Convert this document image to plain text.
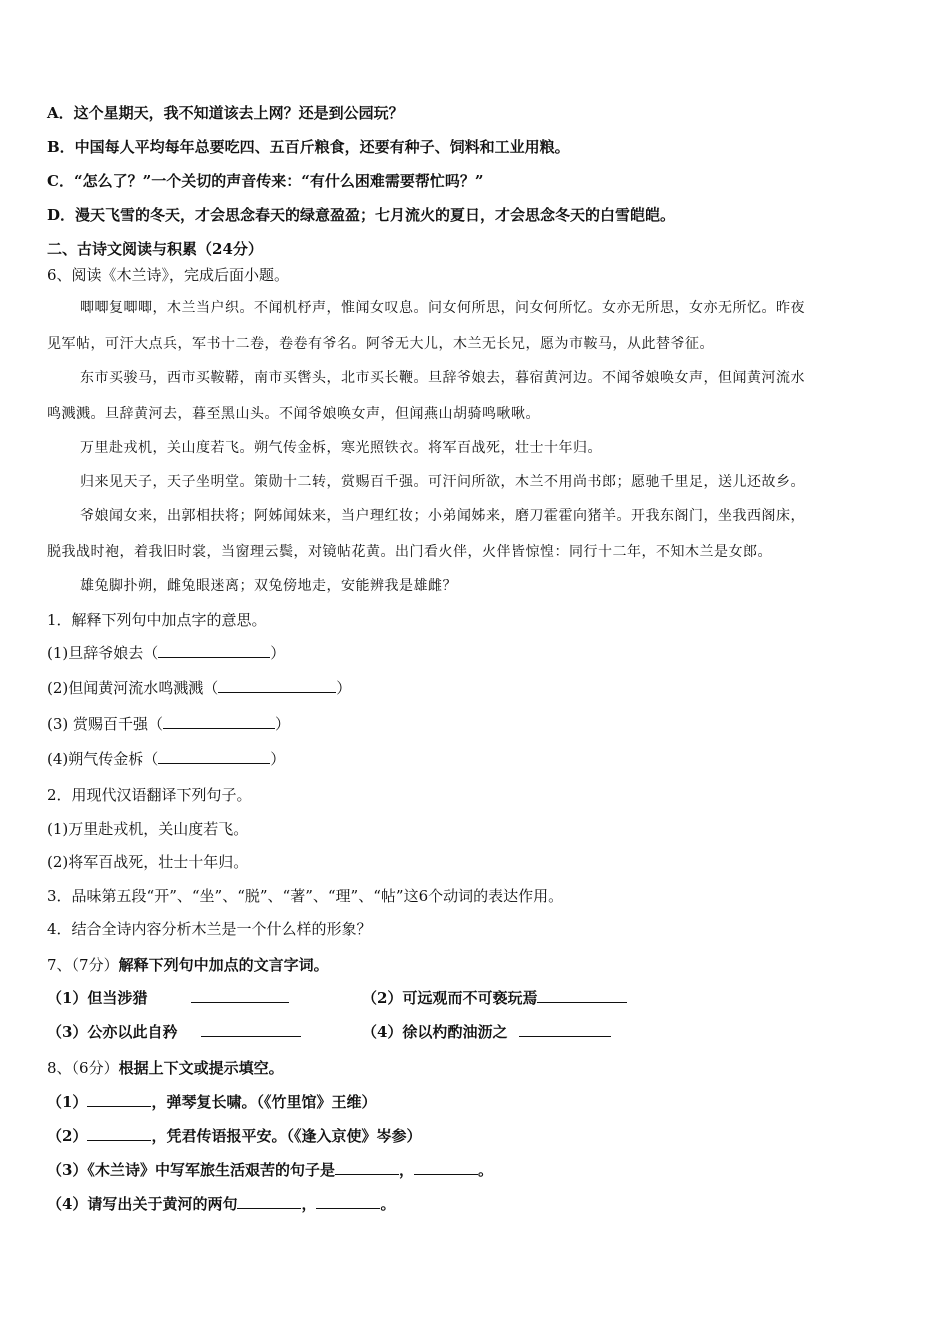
A．这个星期天，我不知道该去上网？还是到公园玩？
B．中国每人平均每年总要吃四、五百斤粮食，还要有种子、饲料和工业用粮。
C．“怎么了？”一个关切的声音传来：“有什么困难需要帮忙吗？”
D．漫天飞雪的冬天，才会思念春天的绿意盈盈；七月流火的夏日，才会思念冬天的白雪皑皑。
二、古诗文阅读与积累（24分）
6、阅读《木兰诗》，完成后面小题。
唧唧复唧唧，木兰当户织。不闻机杼声，惟闻女叹息。问女何所思，问女何所忆。女亦无所思，女亦无所忆。昨夜
见军帖，可汗大点兵，军书十二卷，卷卷有爷名。阿爷无大儿，木兰无长兄，愿为市鞍马，从此替爷征。
东市买骏马，西市买鞍鞯，南市买辔头，北市买长鞭。旦辞爷娘去，暮宿黄河边。不闻爷娘唤女声，但闻黄河流水
鸣溅溅。旦辞黄河去，暮至黑山头。不闻爷娘唤女声，但闻燕山胡骑鸣啾啾。
万里赴戎机，关山度若飞。朔气传金柝，寒光照铁衣。将军百战死，壮士十年归。
归来见天子，天子坐明堂。策勋十二转，赏赐百千强。可汗问所欲，木兰不用尚书郎；愿驰千里足，送儿还故乡。
爷娘闻女来，出郭相扶将；阿姊闻妹来，当户理红妆；小弟闻姊来，磨刀霍霍向猪羊。开我东阁门，坐我西阁床，
脱我战时袍，着我旧时裳，当窗理云鬓，对镜帖花黄。出门看火伴，火伴皆惊惶：同行十二年，不知木兰是女郎。
雄兔脚扑朔，雌兔眼迷离；双兔傍地走，安能辨我是雄雌？
1．解释下列句中加点字的意思。
(1)旦辞爷娘去（	）
(2)但闻黄河流水鸣溅溅（	）
(3) 赏赐百千强（	）
(4)朔气传金柝（	）
2．用现代汉语翻译下列句子。
(1)万里赴戎机，关山度若飞。
(2)将军百战死，壮士十年归。
3．品味第五段“开”、“坐”、“脱”、“著”、“理”、“帖”这6个动词的表达作用。
4．结合全诗内容分析木兰是一个什么样的形象？
7、（7分）解释下列句中加点的文言字词。
（1）但当涉猎	（2）可远观而不可亵玩焉
（3）公亦以此自矜	（4）徐以杓酌油沥之
8、（6分）根据上下文或提示填空。
（1）	，弹琴复长啸。（《竹里馆》王维）
（2）	，凭君传语报平安。（《逢入京使》岑参）
（3）《木兰诗》中写军旅生活艰苦的句子是	，	。
（4）请写出关于黄河的两句	，	。
